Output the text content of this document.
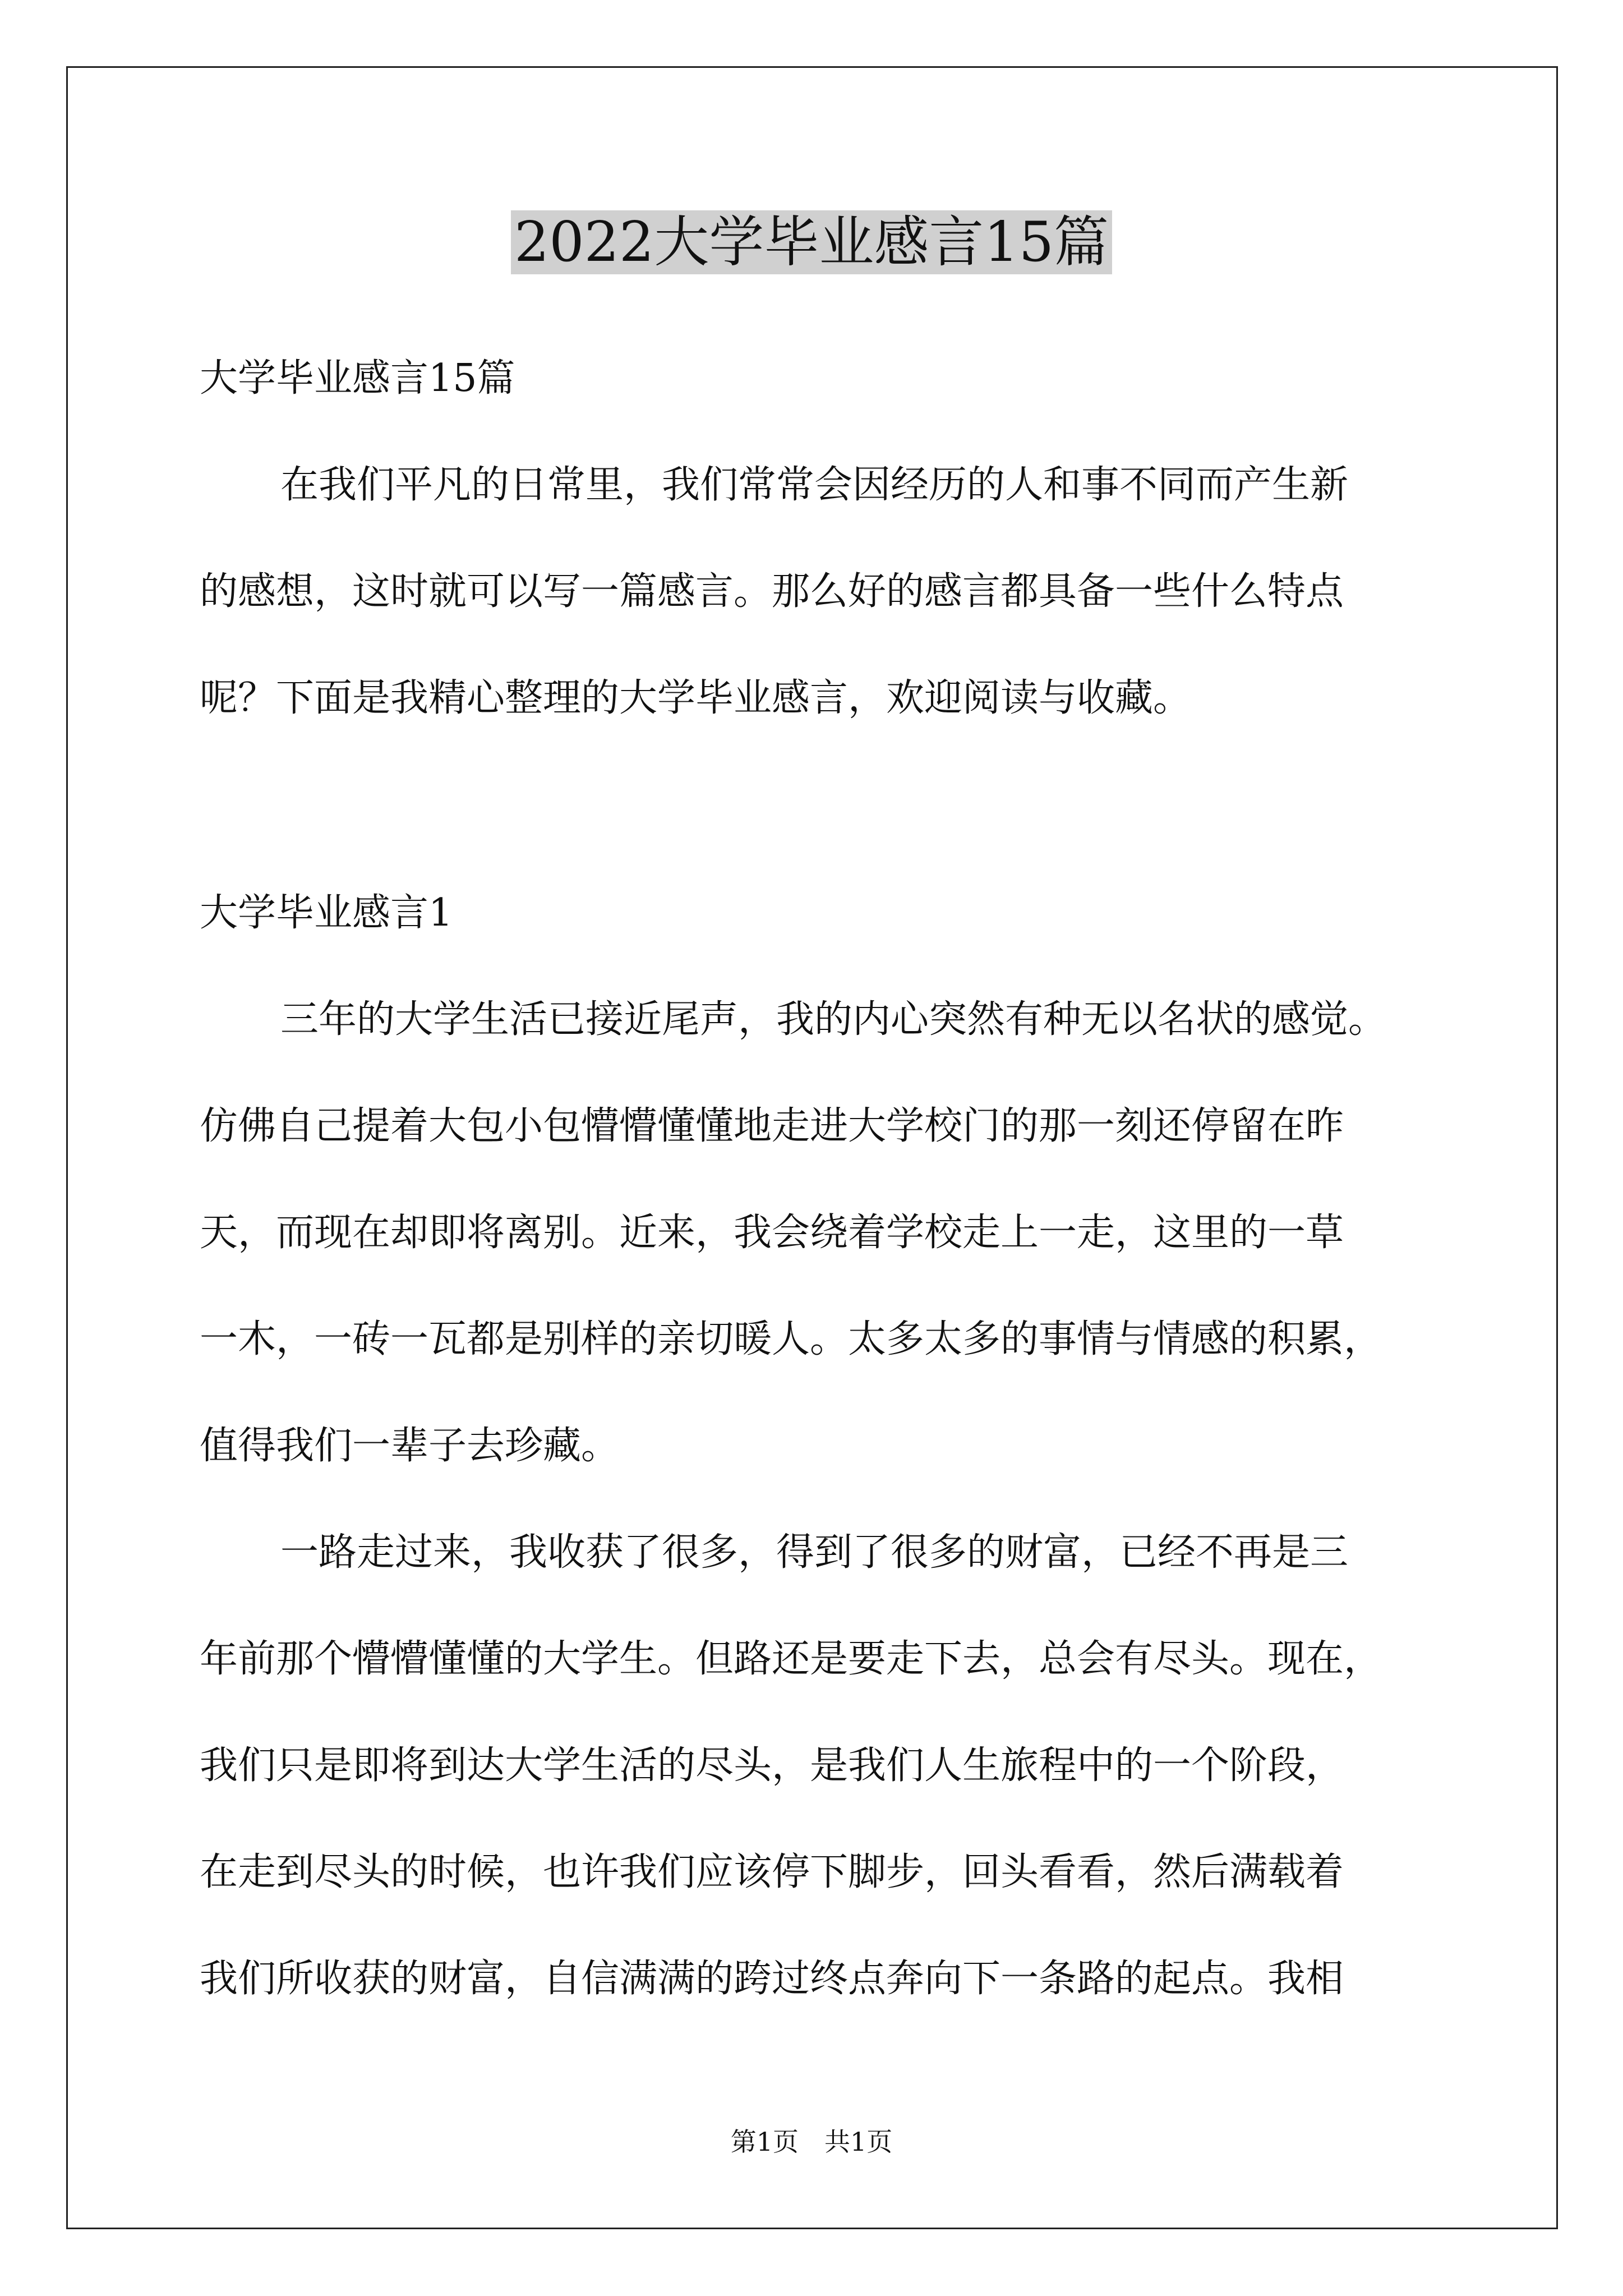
2022大学毕业感言15篇
大学毕业感言15篇
在我们平凡的日常里，我们常常会因经历的人和事不同而产生新
的感想，这时就可以写一篇感言。那么好的感言都具备一些什么特点
呢？下面是我精心整理的大学毕业感言，欢迎阅读与收藏。
大学毕业感言1
三年的大学生活已接近尾声，我的内心突然有种无以名状的感觉。
仿佛自己提着大包小包懵懵懂懂地走进大学校门的那一刻还停留在昨
天，而现在却即将离别。近来，我会绕着学校走上一走，这里的一草
一木，一砖一瓦都是别样的亲切暖人。太多太多的事情与情感的积累，
值得我们一辈子去珍藏。
一路走过来，我收获了很多，得到了很多的财富，已经不再是三
年前那个懵懵懂懂的大学生。但路还是要走下去，总会有尽头。现在，
我们只是即将到达大学生活的尽头，是我们人生旅程中的一个阶段，
在走到尽头的时候，也许我们应该停下脚步，回头看看，然后满载着
我们所收获的财富，自信满满的跨过终点奔向下一条路的起点。我相
第1页　共1页
